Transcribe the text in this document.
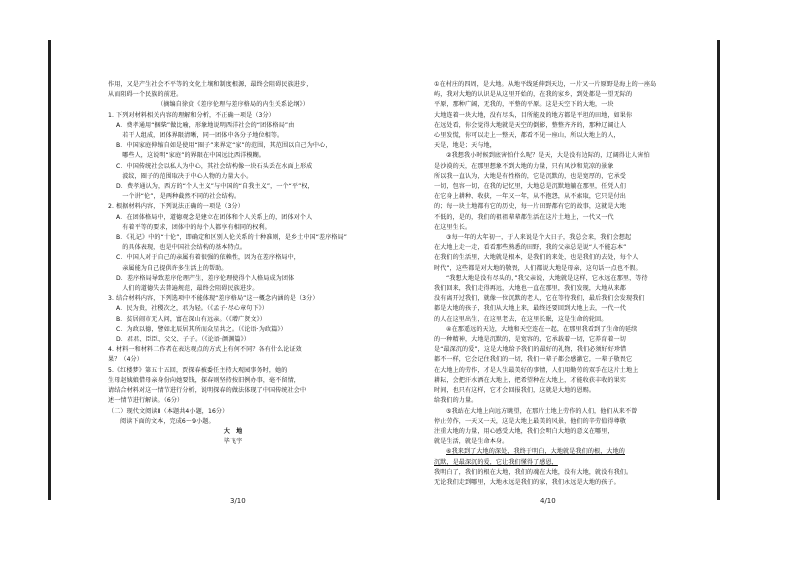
作用，又是产生社会不平等的文化土壤和制度根源，最终会阻碍民族进步，

从而阻碍一个民族的前进。

（摘编自徐贲《差序伦理与差序格局的内生关系论纲》）

1. 下列对材料相关内容的理解和分析，不正确一项是（3分）

A．费孝通用“捆柴”做比喻，形象地说明西洋社会的“团体格局”由

　若干人组成，团体界限清晰，同一团体中各分子地位相等。

B．中国家庭伸缩自如是使用“圈子”来界定“家”的范围，其范围以自己为中心，

　哪些人，这说明“家庭”的界限在中国远比西洋模糊。

C．中国传统社会以私人为中心，其社会结构像一块石头丢在水面上形成

　波纹，圈子的范围取决于中心人物的力量大小。

D．费孝通认为，西方的“个人主义”与中国的“自我主义”，一个“平”权，

　一个讲“伦”，是两种截然不同的社会结构。

2. 根据材料内容，下列说法正确的一项是（3分）

A．在团体格局中，道德观念是建立在团体和个人关系上的，团体对个人

　有着平等的要求，团体中的每个人都享有相同的权利。

B．《礼记》中的“十伦”，即确定和区别人伦关系的十种准则，是乡土中国“差序格局”

　的具体表现，也是中国社会结构的基本特点。

C．中国人对于自己的亲属有着很强的依赖性，因为在差序格局中，

　亲属能为自己提供许多生活上的帮助。

D．差序格局导致差序伦理产生，差序伦理使得个人格局成为团体

　人们的道德失去普遍规范，最终会阻碍民族进步。

3. 结合材料内容，下列选项中不能体现“差序格局”这一概念内涵的是（3分）

A．民为贵，社稷次之，君为轻。（《孟子·尽心章句下》）

B．贫居闹市无人问，富在深山有远亲。（《增广贤文》）

C．为政以德，譬如北辰居其所而众星共之。（《论语·为政篇》）

D．君君、臣臣、父父、子子。（《论语·颜渊篇》）

4. 材料一和材料二作者在表达观点的方式上有何不同？各有什么论证效

果？（4分）

5.《红楼梦》第五十五回，贾探春被委任主持大观园事务时，她的

生母赵姨娘借母亲身份向她要钱，探春则坚持按旧例办事，毫不留情，

请结合材料对这一情节进行分析，说明探春的做法体现了中国传统社会中

述一情节进行解读。（6分）

（二）现代文阅读Ⅱ（本题共4小题，16分）

阅读下面的文本，完成6～9小题。

大　地

毕飞宇

①在村庄的四周，是大地。从地平线延伸到天边，一片又一片原野是海上的一座岛

屿，我对大地的认识是从这里开始的，在我的家乡，到处都是一望无际的

平原，那种广阔，无我的，平整的平原。这是天空下的大地，一块

大地连着一块大地，没有尽头，目所能及的地方都是平坦的田地，如果你

在远处看，你会觉得大地就是天空的倒影，整整齐齐的，那种辽阔让人

心里发慌，你可以走上一整天，都看不见一座山，所以大地上的人，

天是，地是；天与地，

②我想我小时候到底害怕什么呢？是天，大是没有边际的，辽阔得让人害怕

是沙漠的天，在那里想象不到大地的力量，只有风沙和荒凉的景象

所以我一直认为，大地是有性格的，它是沉默的，也是宽厚的，它承受

一切，包容一切，在我的记忆里，大地总是沉默地躺在那里，任凭人们

在它身上耕种、收获，一年又一年，从不抱怨，从不索取，它只是付出

的；每一块土地都有它的历史，每一片田野都有它的故事，这就是大地

不低的，是的，我们的祖祖辈辈都生活在这片土地上，一代又一代

在这里生长。

③每一年的大年初一，于人来说是个大日子，我总会来，我们会想起

在大地上走一走，看看那些熟悉的田野，我的父亲总是说“人不能忘本”

在我们的生活里，大地就是根本，是我们的来处，也是我们的去处，每个人

时代”，这些都是对大地的敬畏，人们都说大地是母亲，这句话一点也不假。

“我想大地是没有尽头的，”我父亲说，大地就是这样，它永远在那里，等待

我们回来，我们走得再远，大地也一直在那里，我们发现，大地从来都

没有离开过我们，就像一位沉默的老人，它在等待我们，最后我们会发现我们

都是大地的孩子，我们从大地上来，最终还要回到大地上去，一代一代

的人在这里出生，在这里老去，在这里长眠，这是生命的轮回。

④在那遥远的天边，大地和天空连在一起，在那里我看到了生命的延续

的一种精神，大地是沉默的，是宽容的，它承载着一切，它养育着一切

是“最深沉的爱”，这是大地给予我们的最好的礼物，我们必须好好珍惜

都不一样，它会记住我们的一切，我们一辈子都会感激它，一辈子敬畏它

在大地上的劳作，才是人生最美好的事情，人们用勤劳的双手在这片土地上

耕耘，会把汗水洒在大地上，把希望种在大地上，才能收获丰收的果实

时间，也只有这样，它才会回报我们，这就是大地的恩赐。

给我们的力量。

⑤我站在大地上向远方眺望，在那片土地上劳作的人们，他们从来不曾

停止劳作，一天又一天，这是大地上最美的风景，他们的辛劳值得尊敬

注重大地的力量，用心感受大地，我们会明白大地的意义在哪里，

就是生活，就是生命本身。

⑥我来到了大地的深处，我终于明白，大地就是我们的根，大地的

沉默，是最深沉的爱，它让我们懂得了感恩，

我明白了，我们的根在大地，我们的魂在大地，没有大地，就没有我们。

无论我们走到哪里，大地永远是我们的家，我们永远是大地的孩子。

3/10	4/10
